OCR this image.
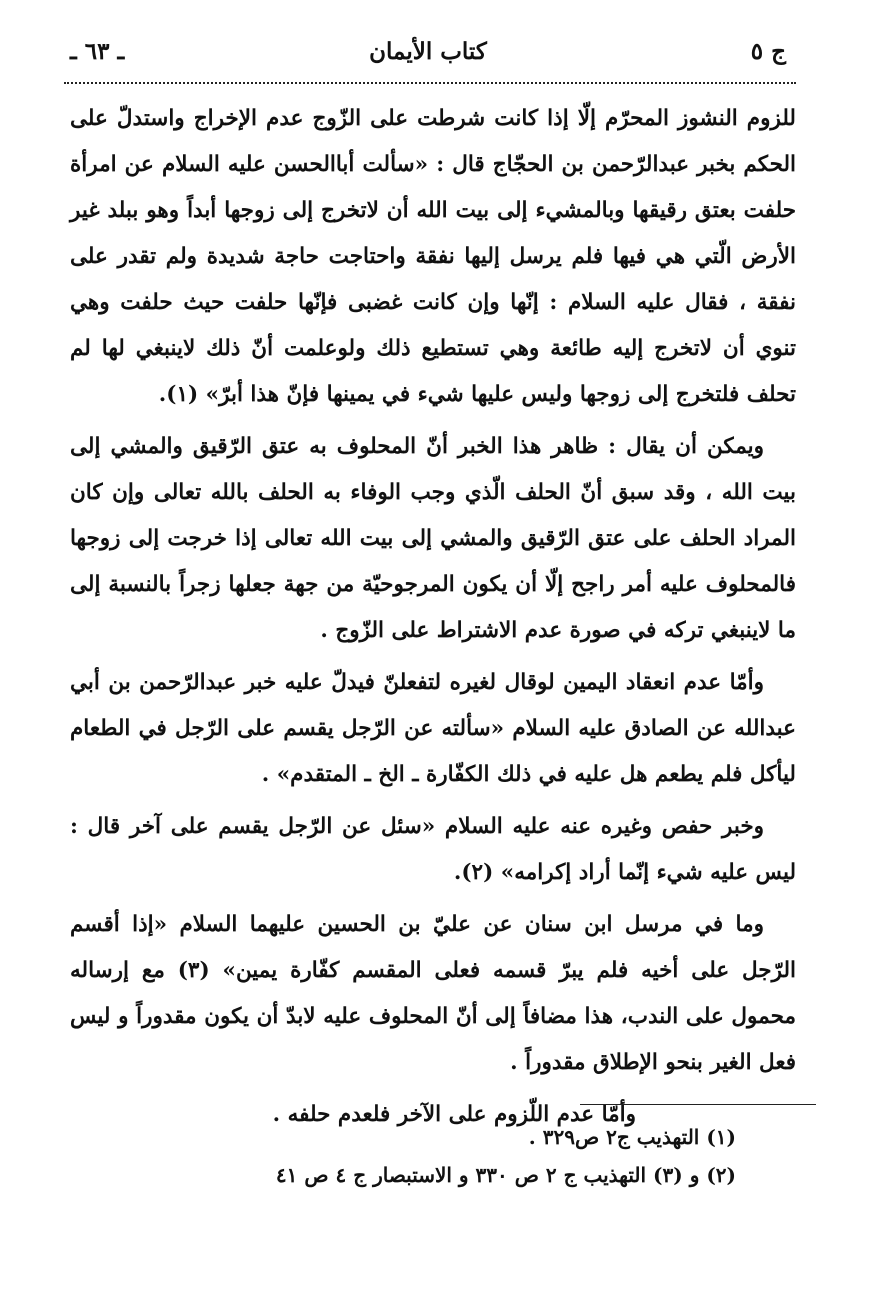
ج ٥
كتاب الأيمان
ـ ٦٣ ـ

للزوم النشوز المحرّم إلّا إذا كانت شرطت على الزّوج عدم الإخراج واستدلّ على الحكم بخبر عبدالرّحمن بن الحجّاج قال : «سألت أباالحسن عليه السلام عن امرأة حلفت بعتق رقيقها وبالمشيء إلى بيت الله أن لاتخرج إلى زوجها أبداً وهو ببلد غير الأرض الّتي هي فيها فلم يرسل إليها نفقة واحتاجت حاجة شديدة ولم تقدر على نفقة ، فقال عليه السلام : إنّها وإن كانت غضبى فإنّها حلفت حيث حلفت وهي تنوي أن لاتخرج إليه طائعة وهي تستطيع ذلك ولوعلمت أنّ ذلك لاينبغي لها لم تحلف فلتخرج إلى زوجها وليس عليها شيء في يمينها فإنّ هذا أبرّ» (١).

ويمكن أن يقال : ظاهر هذا الخبر أنّ المحلوف به عتق الرّقيق والمشي إلى بيت الله ، وقد سبق أنّ الحلف الّذي وجب الوفاء به الحلف بالله تعالى وإن كان المراد الحلف على عتق الرّقيق والمشي إلى بيت الله تعالى إذا خرجت إلى زوجها فالمحلوف عليه أمر راجح إلّا أن يكون المرجوحيّة من جهة جعلها زجراً بالنسبة إلى ما لاينبغي تركه في صورة عدم الاشتراط على الزّوج .

وأمّا عدم انعقاد اليمين لوقال لغيره لتفعلنّ فيدلّ عليه خبر عبدالرّحمن بن أبي عبدالله عن الصادق عليه السلام «سألته عن الرّجل يقسم على الرّجل في الطعام ليأكل فلم يطعم هل عليه في ذلك الكفّارة ـ الخ ـ المتقدم» .

وخبر حفص وغيره عنه عليه السلام «سئل عن الرّجل يقسم على آخر قال : ليس عليه شيء إنّما أراد إكرامه» (٢).

وما في مرسل ابن سنان عن عليّ بن الحسين عليهما السلام «إذا أقسم الرّجل على أخيه فلم يبرّ قسمه فعلى المقسم كفّارة يمين» (٣) مع إرساله محمول على الندب، هذا مضافاً إلى أنّ المحلوف عليه لابدّ أن يكون مقدوراً و ليس فعل الغير بنحو الإطلاق مقدوراً .

وأمّا عدم اللّزوم على الآخر فلعدم حلفه .

(١) التهذيب ج٢ ص٣٢٩ .
(٢) و (٣) التهذيب ج ٢ ص ٣٣٠ و الاستبصار ج ٤ ص ٤١
